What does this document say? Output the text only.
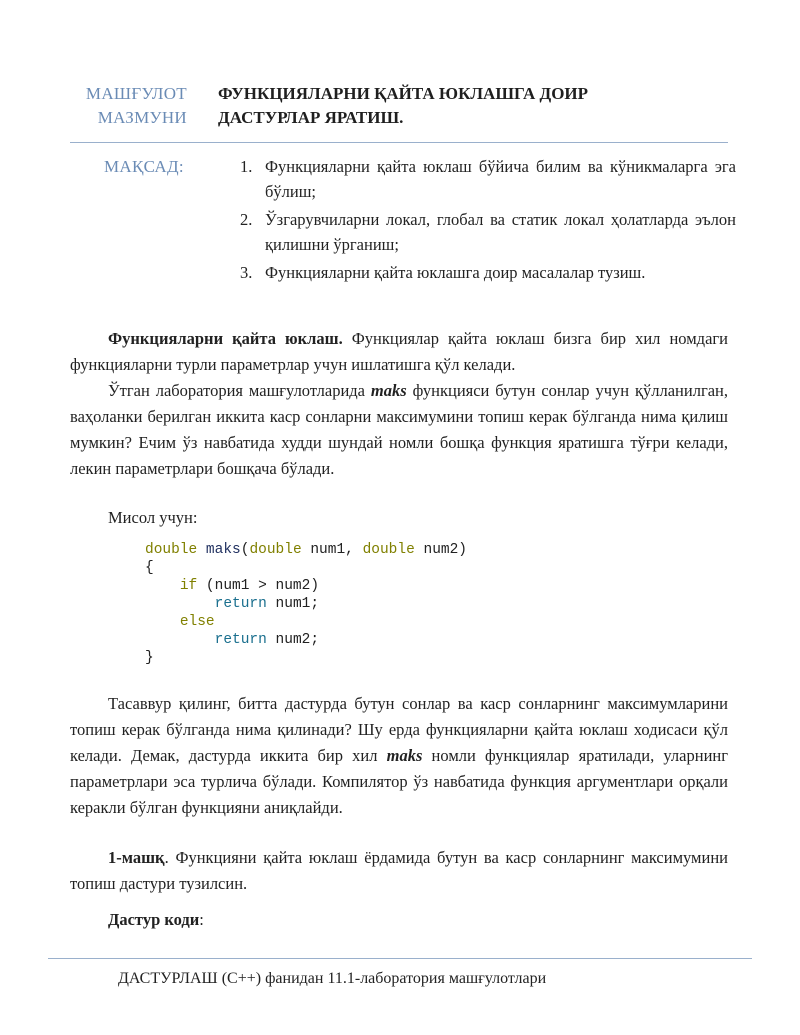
МАШҒУЛОТ
МАЗМУНИ
ФУНКЦИЯЛАРНИ ҚАЙТА ЮКЛАШГА ДОИР
ДАСТУРЛАР ЯРАТИШ.
МАҚСАД:	1. Функцияларни қайта юклаш бўйича билим ва кўникмаларга эга бўлиш;
2. Ўзгарувчиларни локал, глобал ва статик локал ҳолатларда эълон қилишни ўрганиш;
3. Функцияларни қайта юклашга доир масалалар тузиш.

Функцияларни қайта юклаш. Функциялар қайта юклаш бизга бир хил номдаги функцияларни турли параметрлар учун ишлатишга қўл келади.

Ўтган лаборатория машғулотларида maks функцияси бутун сонлар учун қўлланилган, ваҳоланки берилган иккита каср сонларни максимумини топиш керак бўлганда нима қилиш мумкин? Ечим ўз навбатида худди шундай номли бошқа функция яратишга тўғри келади, лекин параметрлари бошқача бўлади.

Мисол учун:

double maks(double num1, double num2)
{
if (num1 > num2)
return num1;
else
return num2;
}

Тасаввур қилинг, битта дастурда бутун сонлар ва каср сонларнинг максимумларини топиш керак бўлганда нима қилинади? Шу ерда функцияларни қайта юклаш ходисаси қўл келади. Демак, дастурда иккита бир хил maks номли функциялар яратилади, уларнинг параметрлари эса турлича бўлади. Компилятор ўз навбатида функция аргументлари орқали керакли бўлган функцияни аниқлайди.

1-машқ. Функцияни қайта юклаш ёрдамида бутун ва каср сонларнинг максимумини топиш дастури тузилсин.

Дастур коди:

ДАСТУРЛАШ (C++) фанидан 11.1-лаборатория машғулотлари
